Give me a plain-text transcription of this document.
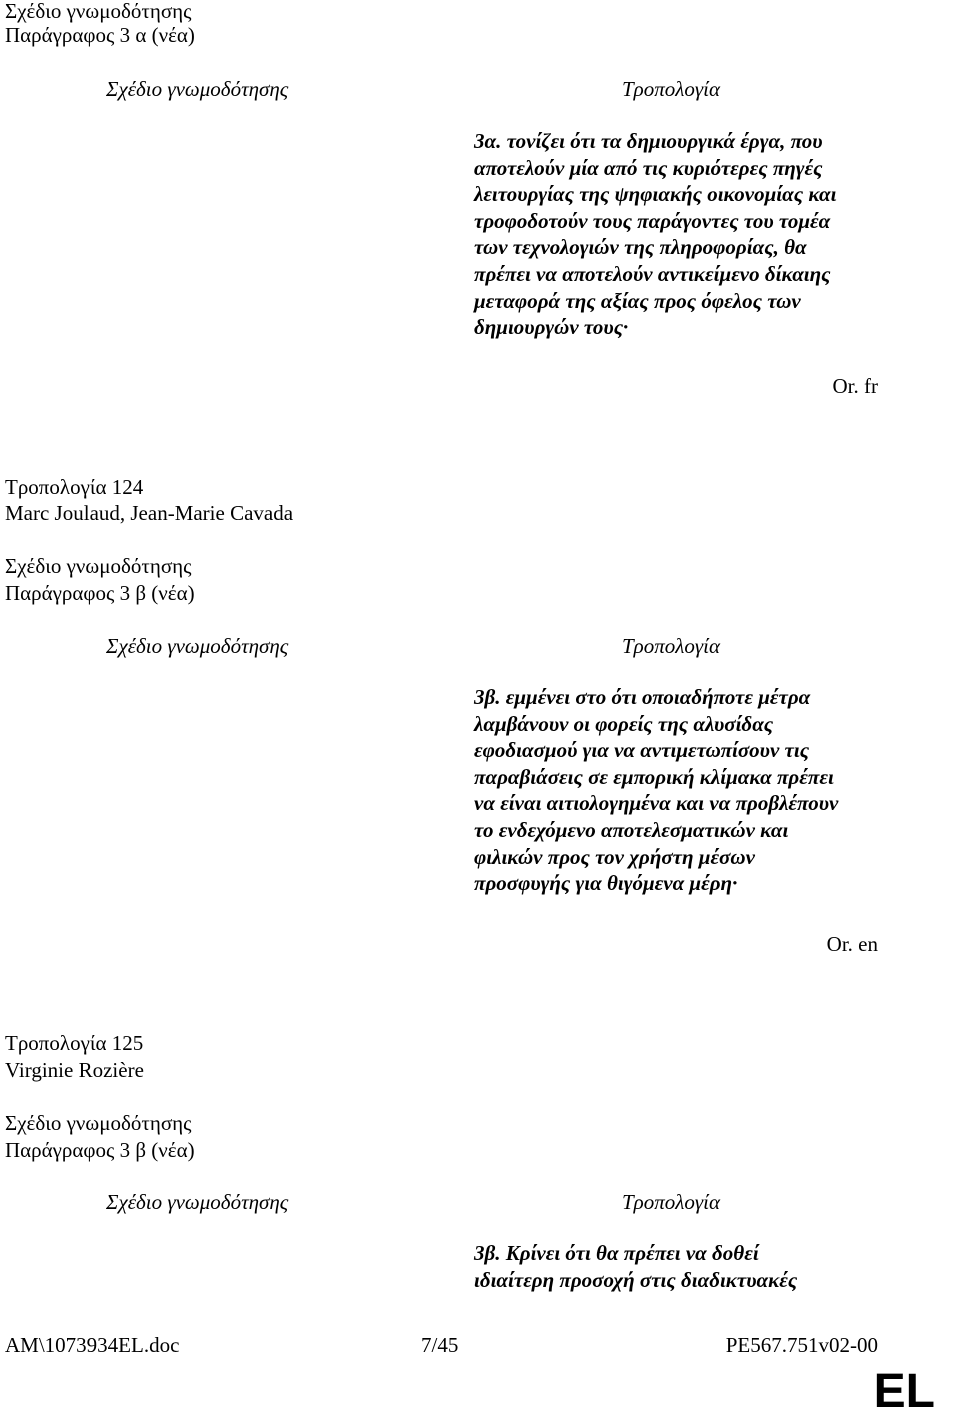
Σχέδιο γνωμοδότησης
Παράγραφος 3 α (νέα)
Σχέδιο γνωμοδότησης	Τροπολογία
3α. τονίζει ότι τα δημιουργικά έργα, που
αποτελούν μία από τις κυριότερες πηγές
λειτουργίας της ψηφιακής οικονομίας και
τροφοδοτούν τους παράγοντες του τομέα
των τεχνολογιών της πληροφορίας, θα
πρέπει να αποτελούν αντικείμενο δίκαιης
μεταφορά της αξίας προς όφελος των
δημιουργών τους·
Or. fr
Τροπολογία 124
Marc Joulaud, Jean-Marie Cavada
Σχέδιο γνωμοδότησης
Παράγραφος 3 β (νέα)
Σχέδιο γνωμοδότησης	Τροπολογία
3β. εμμένει στο ότι οποιαδήποτε μέτρα
λαμβάνουν οι φορείς της αλυσίδας
εφοδιασμού για να αντιμετωπίσουν τις
παραβιάσεις σε εμπορική κλίμακα πρέπει
να είναι αιτιολογημένα και να προβλέπουν
το ενδεχόμενο αποτελεσματικών και
φιλικών προς τον χρήστη μέσων
προσφυγής για θιγόμενα μέρη·
Or. en
Τροπολογία 125
Virginie Rozière
Σχέδιο γνωμοδότησης
Παράγραφος 3 β (νέα)
Σχέδιο γνωμοδότησης	Τροπολογία
3β. Κρίνει ότι θα πρέπει να δοθεί
ιδιαίτερη προσοχή στις διαδικτυακές
AM\1073934EL.doc	7/45	PE567.751v02-00
EL
